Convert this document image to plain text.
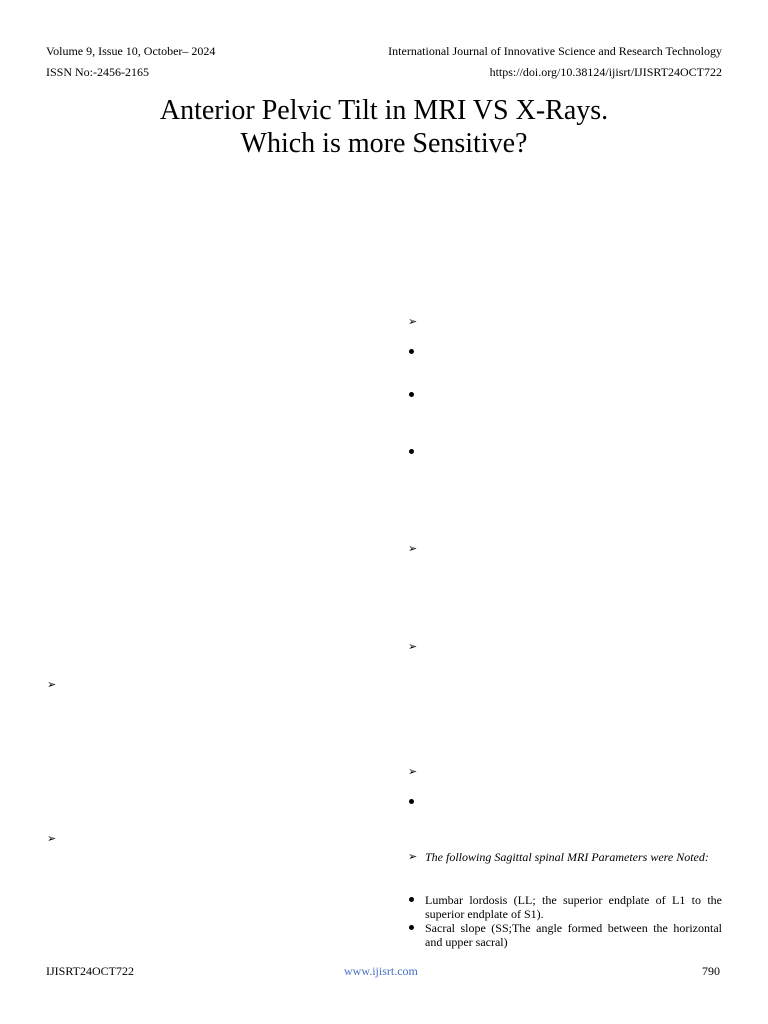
Volume 9, Issue 10, October– 2024	International Journal of Innovative Science and Research Technology
ISSN No:-2456-2165	https://doi.org/10.38124/ijisrt/IJISRT24OCT722
Anterior Pelvic Tilt in MRI VS X-Rays.
Which is more Sensitive?
➢
➢
➢
➢
➢
➢
➢ The following Sagittal spinal MRI Parameters were Noted:
Lumbar lordosis (LL; the superior endplate of L1 to the superior endplate of S1).
Sacral slope (SS;The angle formed between the horizontal and upper sacral)
IJISRT24OCT722	www.ijisrt.com	790
